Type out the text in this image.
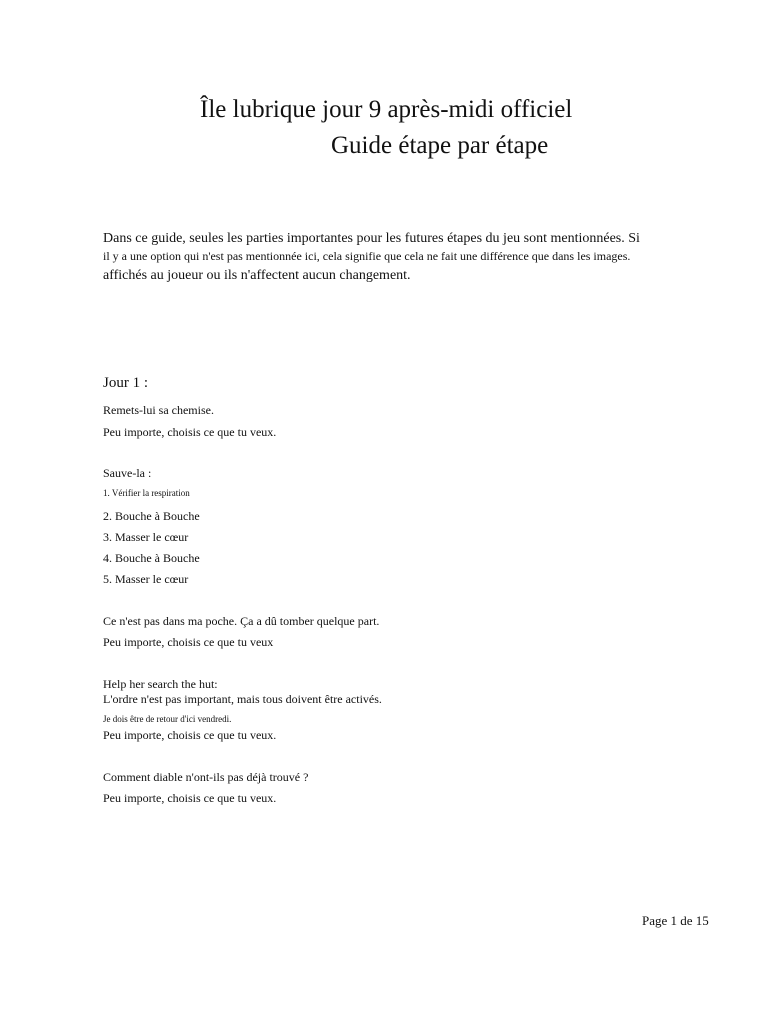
Île lubrique jour 9 après-midi officiel
Guide étape par étape
Dans ce guide, seules les parties importantes pour les futures étapes du jeu sont mentionnées. Si
il y a une option qui n'est pas mentionnée ici, cela signifie que cela ne fait une différence que dans les images.
affichés au joueur ou ils n'affectent aucun changement.
Jour 1 :
Remets-lui sa chemise.
Peu importe, choisis ce que tu veux.
Sauve-la :
1. Vérifier la respiration
2. Bouche à Bouche
3. Masser le cœur
4. Bouche à Bouche
5. Masser le cœur
Ce n'est pas dans ma poche. Ça a dû tomber quelque part.
Peu importe, choisis ce que tu veux
Help her search the hut:
L'ordre n'est pas important, mais tous doivent être activés.
Je dois être de retour d'ici vendredi.
Peu importe, choisis ce que tu veux.
Comment diable n'ont-ils pas déjà trouvé ?
Peu importe, choisis ce que tu veux.
Page 1 de 15
